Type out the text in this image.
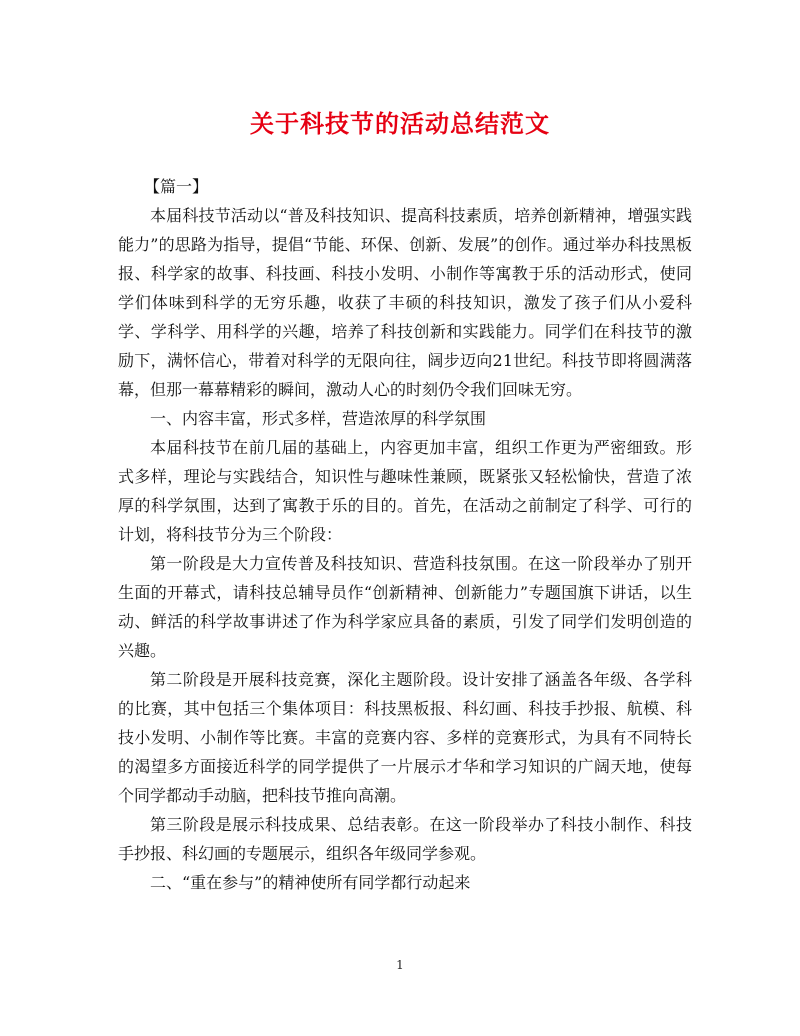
关于科技节的活动总结范文

【篇一】

本届科技节活动以“普及科技知识、提高科技素质，培养创新精神，增强实践能力”的思路为指导，提倡“节能、环保、创新、发展”的创作。通过举办科技黑板报、科学家的故事、科技画、科技小发明、小制作等寓教于乐的活动形式，使同学们体味到科学的无穷乐趣，收获了丰硕的科技知识，激发了孩子们从小爱科学、学科学、用科学的兴趣，培养了科技创新和实践能力。同学们在科技节的激励下，满怀信心，带着对科学的无限向往，阔步迈向21世纪。科技节即将圆满落幕，但那一幕幕精彩的瞬间，激动人心的时刻仍令我们回味无穷。

一、内容丰富，形式多样，营造浓厚的科学氛围

本届科技节在前几届的基础上，内容更加丰富，组织工作更为严密细致。形式多样，理论与实践结合，知识性与趣味性兼顾，既紧张又轻松愉快，营造了浓厚的科学氛围，达到了寓教于乐的目的。首先，在活动之前制定了科学、可行的计划，将科技节分为三个阶段：

第一阶段是大力宣传普及科技知识、营造科技氛围。在这一阶段举办了别开生面的开幕式，请科技总辅导员作“创新精神、创新能力”专题国旗下讲话，以生动、鲜活的科学故事讲述了作为科学家应具备的素质，引发了同学们发明创造的兴趣。

第二阶段是开展科技竞赛，深化主题阶段。设计安排了涵盖各年级、各学科的比赛，其中包括三个集体项目：科技黑板报、科幻画、科技手抄报、航模、科技小发明、小制作等比赛。丰富的竞赛内容、多样的竞赛形式，为具有不同特长的渴望多方面接近科学的同学提供了一片展示才华和学习知识的广阔天地，使每个同学都动手动脑，把科技节推向高潮。

第三阶段是展示科技成果、总结表彰。在这一阶段举办了科技小制作、科技手抄报、科幻画的专题展示，组织各年级同学参观。

二、“重在参与”的精神使所有同学都行动起来

1
